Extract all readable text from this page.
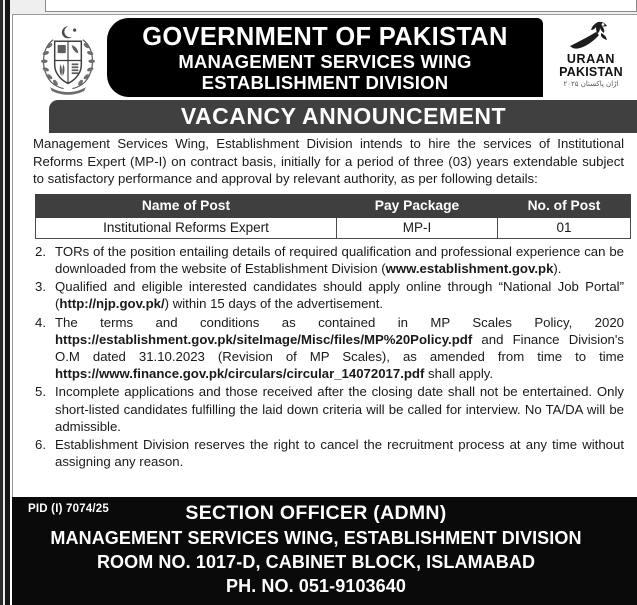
GOVERNMENT OF PAKISTAN
MANAGEMENT SERVICES WING
ESTABLISHMENT DIVISION
URAAN
PAKISTAN
اڑان پاکستان ۲۰۲۵
VACANCY ANNOUNCEMENT

Management Services Wing, Establishment Division intends to hire the services of Institutional Reforms Expert (MP-I) on contract basis, initially for a period of three (03) years extendable subject to satisfactory performance and approval by relevant authority, as per following details:

Name of Post	Pay Package	No. of Post
Institutional Reforms Expert	MP-I	01
TORs of the position entailing details of required qualification and professional experience can be downloaded from the website of Establishment Division (www.establishment.gov.pk).
Qualified and eligible interested candidates should apply online through “National Job Portal” (http://njp.gov.pk/) within 15 days of the advertisement.
The terms and conditions as contained in MP Scales Policy, 2020
https://establishment.gov.pk/siteImage/Misc/files/MP%20Policy.pdf and Finance Division's O.M dated 31.10.2023 (Revision of MP Scales), as amended from time to time https://www.finance.gov.pk/circulars/circular_14072017.pdf shall apply.
Incomplete applications and those received after the closing date shall not be entertained. Only short-listed candidates fulfilling the laid down criteria will be called for interview. No TA/DA will be admissible.
Establishment Division reserves the right to cancel the recruitment process at any time without assigning any reason.
PID (I) 7074/25	SECTION OFFICER (ADMN)
MANAGEMENT SERVICES WING, ESTABLISHMENT DIVISION
ROOM NO. 1017-D, CABINET BLOCK, ISLAMABAD
PH. NO. 051-9103640
